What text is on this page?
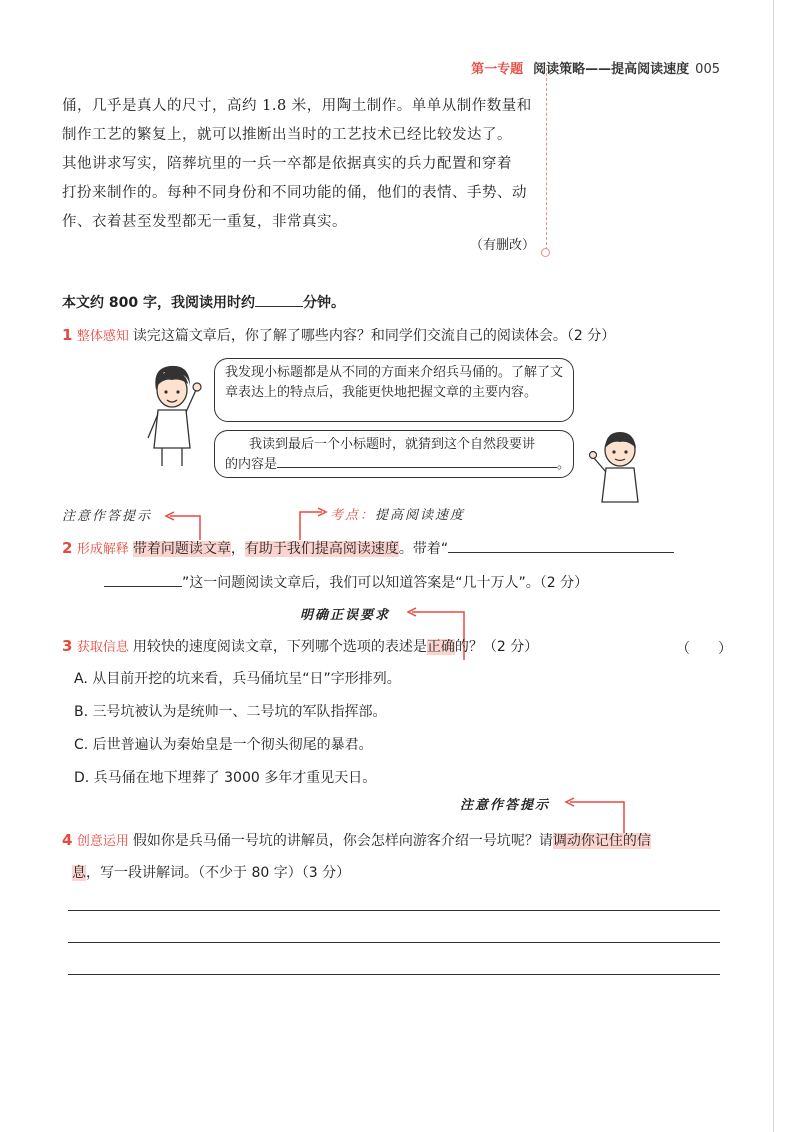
第一专题 阅读策略——提高阅读速度 005
俑，几乎是真人的尺寸，高约 1.8 米，用陶土制作。单单从制作数量和
制作工艺的繁复上，就可以推断出当时的工艺技术已经比较发达了。
其他讲求写实，陪葬坑里的一兵一卒都是依据真实的兵力配置和穿着
打扮来制作的。每种不同身份和不同功能的俑，他们的表情、手势、动
作、衣着甚至发型都无一重复，非常真实。
（有删改）
本文约 800 字，我阅读用时约	分钟。
1 整体感知 读完这篇文章后，你了解了哪些内容？和同学们交流自己的阅读体会。（2 分）
我发现小标题都是从不同的方面来介绍兵马俑的。了解了文章表达上的特点后，我能更快地把握文章的主要内容。
我读到最后一个小标题时，就猜到这个自然段要讲
的内容是	。
注意作答提示	考点：提高阅读速度
2 形成解释 带着问题读文章，有助于我们提高阅读速度。带着“
”这一问题阅读文章后，我们可以知道答案是“几十万人”。（2 分）
明确正误要求
3 获取信息 用较快的速度阅读文章，下列哪个选项的表述是正确的？（2 分）	（　　）
A. 从目前开挖的坑来看，兵马俑坑呈“日”字形排列。
B. 三号坑被认为是统帅一、二号坑的军队指挥部。
C. 后世普遍认为秦始皇是一个彻头彻尾的暴君。
D. 兵马俑在地下埋葬了 3000 多年才重见天日。
注意作答提示
4 创意运用 假如你是兵马俑一号坑的讲解员，你会怎样向游客介绍一号坑呢？请调动你记住的信
息，写一段讲解词。（不少于 80 字）（3 分）
